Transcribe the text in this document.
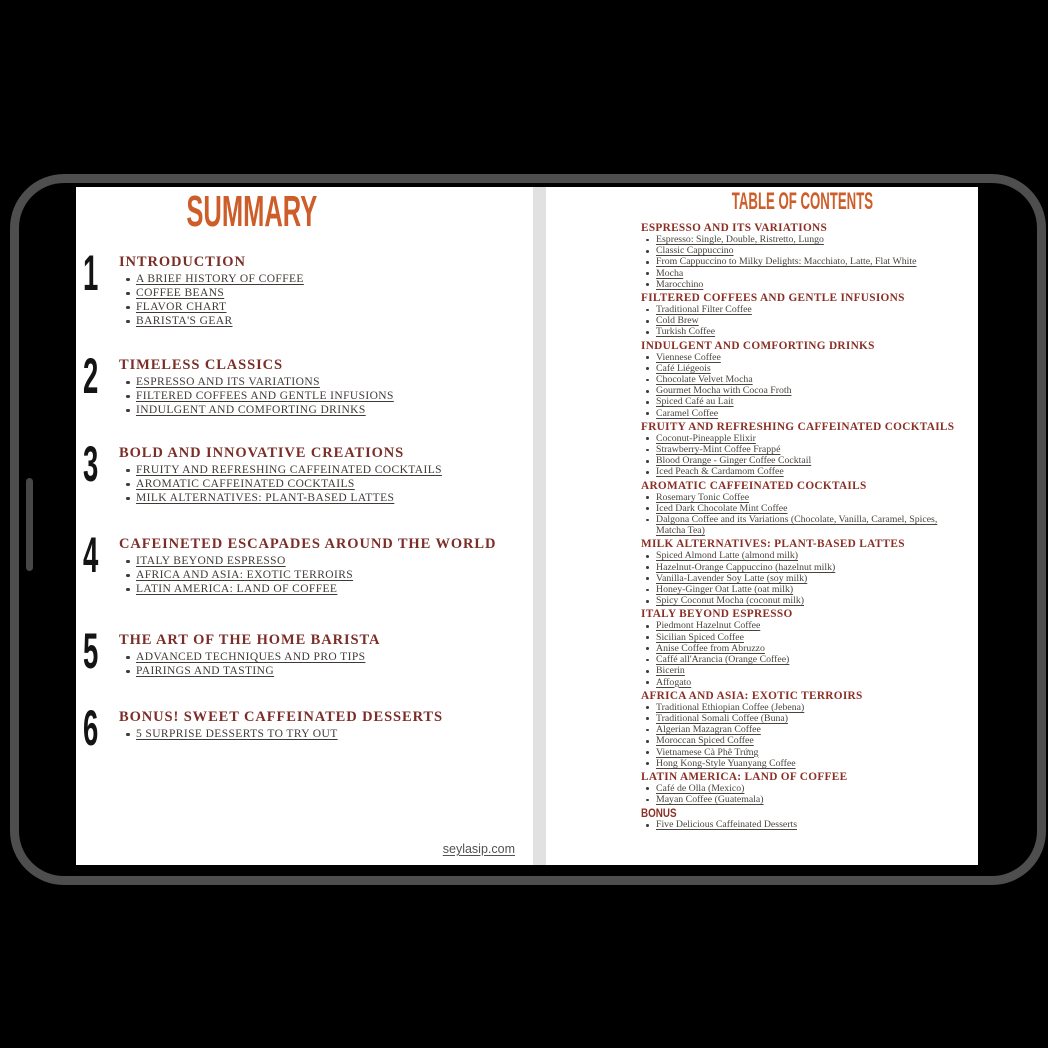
SUMMARY
1 INTRODUCTION
A BRIEF HISTORY OF COFFEE
COFFEE BEANS
FLAVOR CHART
BARISTA'S GEAR
2 TIMELESS CLASSICS
ESPRESSO AND ITS VARIATIONS
FILTERED COFFEES AND GENTLE INFUSIONS
INDULGENT AND COMFORTING DRINKS
3 BOLD AND INNOVATIVE CREATIONS
FRUITY AND REFRESHING CAFFEINATED COCKTAILS
AROMATIC CAFFEINATED COCKTAILS
MILK ALTERNATIVES: PLANT-BASED LATTES
4 CAFEINETED ESCAPADES AROUND THE WORLD
ITALY BEYOND ESPRESSO
AFRICA AND ASIA: EXOTIC TERROIRS
LATIN AMERICA: LAND OF COFFEE
5 THE ART OF THE HOME BARISTA
ADVANCED TECHNIQUES AND PRO TIPS
PAIRINGS AND TASTING
6 BONUS! SWEET CAFFEINATED DESSERTS
5 SURPRISE DESSERTS TO TRY OUT
seylasip.com
TABLE OF CONTENTS
ESPRESSO AND ITS VARIATIONS
Espresso: Single, Double, Ristretto, Lungo
Classic Cappuccino
From Cappuccino to Milky Delights: Macchiato, Latte, Flat White
Mocha
Marocchino
FILTERED COFFEES AND GENTLE INFUSIONS
Traditional Filter Coffee
Cold Brew
Turkish Coffee
INDULGENT AND COMFORTING DRINKS
Viennese Coffee
Café Liégeois
Chocolate Velvet Mocha
Gourmet Mocha with Cocoa Froth
Spiced Café au Lait
Caramel Coffee
FRUITY AND REFRESHING CAFFEINATED COCKTAILS
Coconut-Pineapple Elixir
Strawberry-Mint Coffee Frappé
Blood Orange - Ginger Coffee Cocktail
Iced Peach & Cardamom Coffee
AROMATIC CAFFEINATED COCKTAILS
Rosemary Tonic Coffee
Iced Dark Chocolate Mint Coffee
Dalgona Coffee and its Variations (Chocolate, Vanilla, Caramel, Spices, Matcha Tea)
MILK ALTERNATIVES: PLANT-BASED LATTES
Spiced Almond Latte (almond milk)
Hazelnut-Orange Cappuccino (hazelnut milk)
Vanilla-Lavender Soy Latte (soy milk)
Honey-Ginger Oat Latte (oat milk)
Spicy Coconut Mocha (coconut milk)
ITALY BEYOND ESPRESSO
Piedmont Hazelnut Coffee
Sicilian Spiced Coffee
Anise Coffee from Abruzzo
Caffé all'Arancia (Orange Coffee)
Bicerin
Affogato
AFRICA AND ASIA: EXOTIC TERROIRS
Traditional Ethiopian Coffee (Jebena)
Traditional Somali Coffee (Buna)
Algerian Mazagran Coffee
Moroccan Spiced Coffee
Vietnamese Cà Phê Trứng
Hong Kong-Style Yuanyang Coffee
LATIN AMERICA: LAND OF COFFEE
Café de Olla (Mexico)
Mayan Coffee (Guatemala)
BONUS
Five Delicious Caffeinated Desserts
